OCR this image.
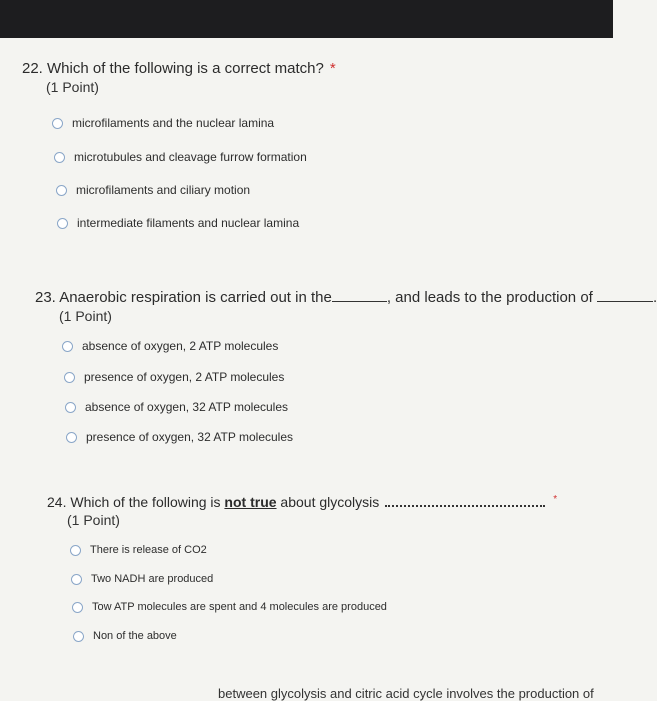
22. Which of the following is a correct match? *
(1 Point)
microfilaments and the nuclear lamina
microtubules and cleavage furrow formation
microfilaments and ciliary motion
intermediate filaments and nuclear lamina
23. Anaerobic respiration is carried out in the	, and leads to the production of	.
(1 Point)
absence of oxygen, 2 ATP molecules
presence of oxygen, 2 ATP molecules
absence of oxygen, 32 ATP molecules
presence of oxygen, 32 ATP molecules
24. Which of the following is not true about glycolysis	*
(1 Point)
There is release of CO2
Two NADH are produced
Tow ATP molecules are spent and 4 molecules are produced
Non of the above
between glycolysis and citric acid cycle involves the production of
